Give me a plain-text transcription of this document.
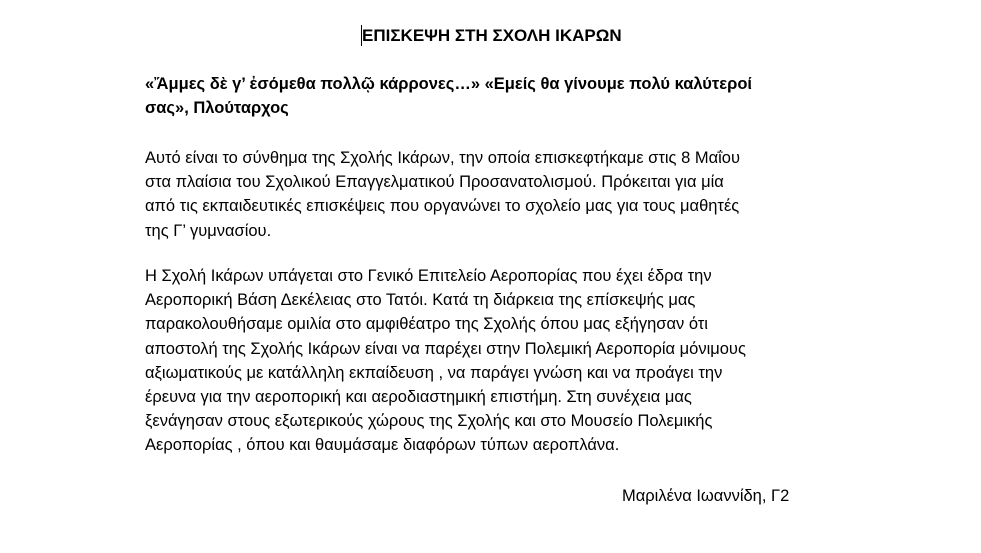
ΕΠΙΣΚΕΨΗ ΣΤΗ ΣΧΟΛΗ ΙΚΑΡΩΝ
«Ἄμμες δὲ γ’ ἐσόμεθα πολλῷ κάρρονες…» «Εμείς θα γίνουμε πολύ καλύτεροί
σας», Πλούταρχος
Αυτό είναι το σύνθημα της Σχολής Ικάρων, την οποία επισκεφτήκαμε στις 8 Μαΐου
στα πλαίσια του Σχολικού Επαγγελματικού Προσανατολισμού. Πρόκειται για μία
από τις εκπαιδευτικές επισκέψεις που οργανώνει το σχολείο μας για τους μαθητές
της Γ’ γυμνασίου.
Η Σχολή Ικάρων υπάγεται στο Γενικό Επιτελείο Αεροπορίας που έχει έδρα την
Αεροπορική Βάση Δεκέλειας στο Τατόι. Κατά τη διάρκεια της επίσκεψής μας
παρακολουθήσαμε ομιλία στο αμφιθέατρο της Σχολής όπου μας εξήγησαν ότι
αποστολή της Σχολής Ικάρων είναι να παρέχει στην Πολεμική Αεροπορία μόνιμους
αξιωματικούς με κατάλληλη εκπαίδευση , να παράγει γνώση και να προάγει την
έρευνα για την αεροπορική και αεροδιαστημική επιστήμη. Στη συνέχεια μας
ξενάγησαν στους εξωτερικούς χώρους της Σχολής και στο Μουσείο Πολεμικής
Αεροπορίας , όπου και θαυμάσαμε διαφόρων τύπων αεροπλάνα.
Μαριλένα Ιωαννίδη, Γ2
